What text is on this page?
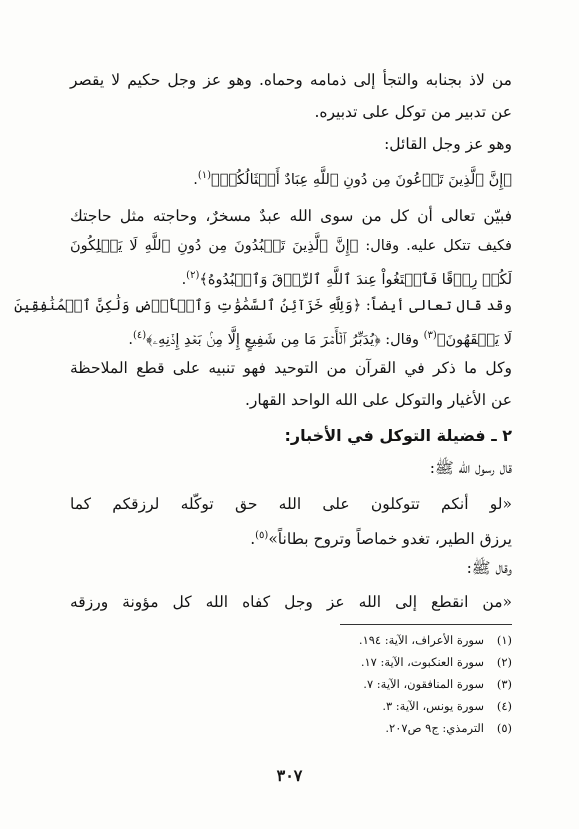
من لاذ بجنابه والتجأ إلى ذمامه وحماه. وهو عز وجل حكيم لا يقصر
عن تدبير من توكل على تدبيره.
وهو عز وجل القائل:
﴿إِنَّ ٱلَّذِينَ تَدۡعُونَ مِن دُونِ ٱللَّهِ عِبَادٌ أَمۡثَالُكُمۡ﴾$^{(١)}$.
فبيّن تعالى أن كل من سوى الله عبدٌ مسخرٌ، وحاجته مثل حاجتك
فكيف تتكل عليه. وقال: ﴿إِنَّ ٱلَّذِينَ تَعۡبُدُونَ مِن دُونِ ٱللَّهِ لَا يَمۡلِكُونَ
لَكُمۡ رِزۡقًا فَٱبۡتَغُواْ عِندَ ٱللَّهِ ٱلرِّزۡقَ وَٱعۡبُدُوهُ﴾$^{(٢)}$.
وقد قال تعالى أيضاً: ﴿وَلِلَّهِ خَزَآئِنُ ٱلسَّمَٰوَٰتِ وَٱلۡأَرۡضِ وَلَٰكِنَّ ٱلۡمُنَٰفِقِينَ
لَا يَفۡقَهُونَ﴾$^{(٣)}$ وقال: ﴿يُدَبِّرُ ٱلۡأَمۡرَ مَا مِن شَفِيعٍ إِلَّا مِنۢ بَعۡدِ إِذۡنِهِۦ﴾$^{(٤)}$.
وكل ما ذكر في القرآن من التوحيد فهو تنبيه على قطع الملاحظة
عن الأغيار والتوكل على الله الواحد القهار.
٢ ـ فضيلة التوكل في الأخبار:
قال رسول الله ﷺ:
«لو أنكم تتوكلون على الله حق توكّله لرزقكم كما
يرزق الطير، تغدو خماصاً وتروح بطاناً»$^{(٥)}$.
وقال ﷺ:
«من انقطع إلى الله عز وجل كفاه الله كل مؤونة ورزقه
(١)سورة الأعراف، الآية: ١٩٤.
(٢)سورة العنكبوت، الآية: ١٧.
(٣)سورة المنافقون، الآية: ٧.
(٤)سورة يونس، الآية: ٣.
(٥)الترمذي: ج٩ ص٢٠٧.
٣٠٧
